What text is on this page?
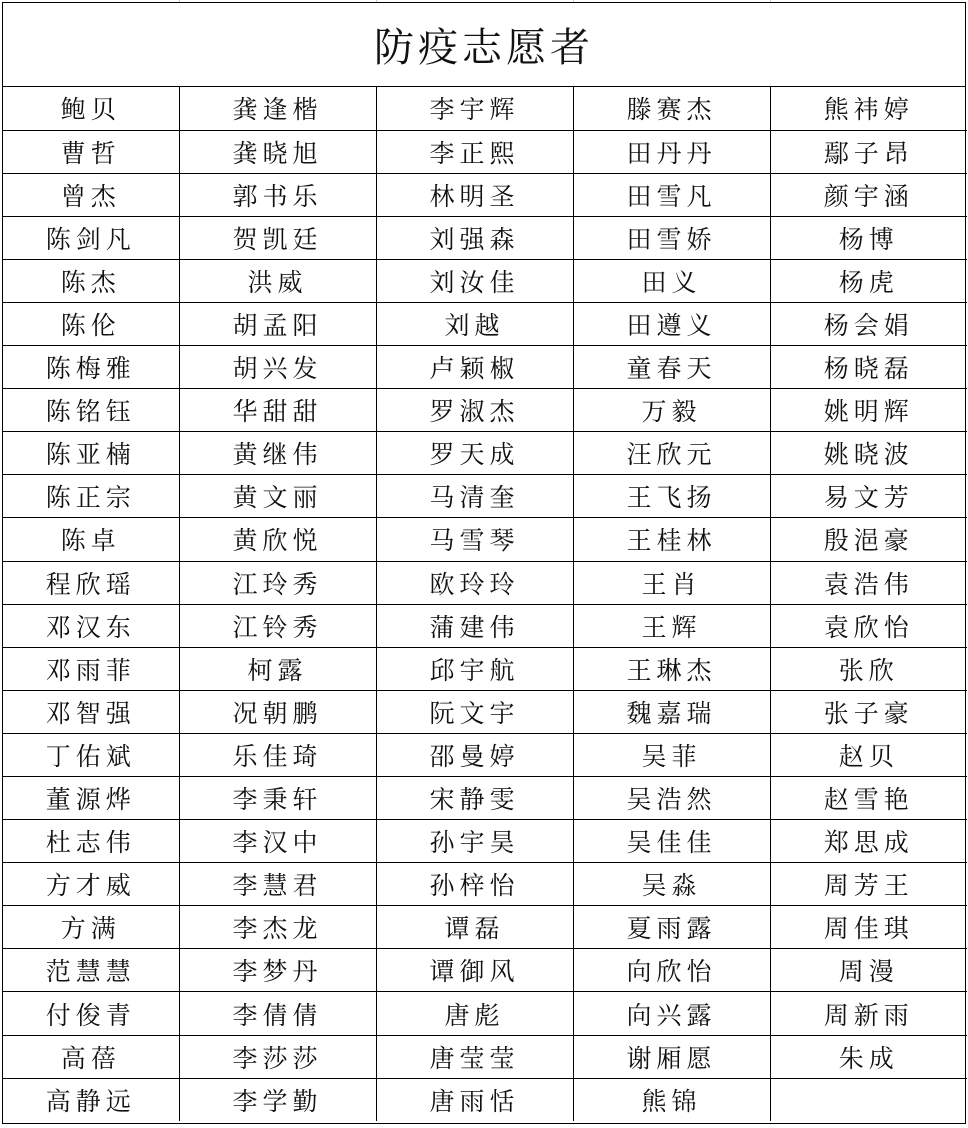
防疫志愿者
鲍贝	龚逢楷	李宇辉	滕赛杰	熊祎婷
曹哲	龚晓旭	李正熙	田丹丹	鄢子昂
曾杰	郭书乐	林明圣	田雪凡	颜宇涵
陈剑凡	贺凯廷	刘强森	田雪娇	杨博
陈杰	洪威	刘汝佳	田义	杨虎
陈伦	胡孟阳	刘越	田遵义	杨会娟
陈梅雅	胡兴发	卢颖椒	童春天	杨晓磊
陈铭钰	华甜甜	罗淑杰	万毅	姚明辉
陈亚楠	黄继伟	罗天成	汪欣元	姚晓波
陈正宗	黄文丽	马清奎	王飞扬	易文芳
陈卓	黄欣悦	马雪琴	王桂林	殷浥豪
程欣瑶	江玲秀	欧玲玲	王肖	袁浩伟
邓汉东	江铃秀	蒲建伟	王辉	袁欣怡
邓雨菲	柯露	邱宇航	王琳杰	张欣
邓智强	况朝鹏	阮文宇	魏嘉瑞	张子豪
丁佑斌	乐佳琦	邵曼婷	吴菲	赵贝
董源烨	李秉轩	宋静雯	吴浩然	赵雪艳
杜志伟	李汉中	孙宇昊	吴佳佳	郑思成
方才威	李慧君	孙梓怡	吴淼	周芳王
方满	李杰龙	谭磊	夏雨露	周佳琪
范慧慧	李梦丹	谭御风	向欣怡	周漫
付俊青	李倩倩	唐彪	向兴露	周新雨
高蓓	李莎莎	唐莹莹	谢厢愿	朱成
高静远	李学勤	唐雨恬	熊锦	
